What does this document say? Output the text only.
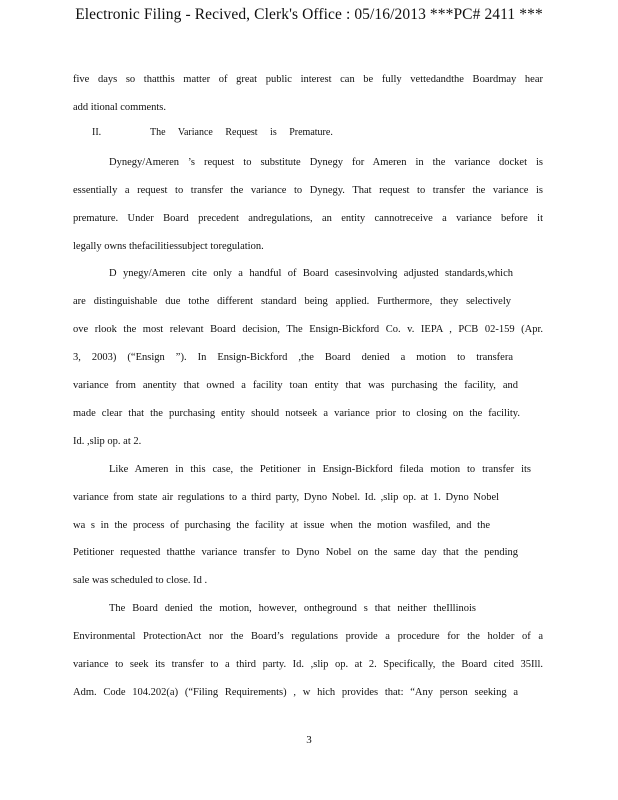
Electronic Filing - Recived, Clerk's Office : 05/16/2013 ***PC# 2411 ***
five days so thatthis matter of great public interest can be fully vettedandthe Boardmay hear
add itional comments.
II.	The Variance Request is Premature.
Dynegy/Ameren ’s request to substitute Dynegy for Ameren in the variance docket is
essentially a request to transfer the variance to Dynegy. That request to transfer the variance is
premature. Under Board precedent andregulations, an entity cannotreceive a variance before it
legally owns thefacilitiessubject toregulation.
D ynegy/Ameren cite only a handful of Board casesinvolving adjusted standards,which
are distinguishable due tothe different standard being applied. Furthermore, they selectively
ove rlook the most relevant Board decision, The Ensign-Bickford Co. v. IEPA , PCB 02-159 (Apr.
3, 2003) (“Ensign ”). In Ensign-Bickford ,the Board denied a motion to transfera
variance from anentity that owned a facility toan entity that was purchasing the facility, and
made clear that the purchasing entity should notseek a variance prior to closing on the facility.
Id. ,slip op. at 2.
Like Ameren in this case, the Petitioner in Ensign-Bickford fileda motion to transfer its
variance from state air regulations to a third party, Dyno Nobel. Id. ,slip op. at 1. Dyno Nobel
wa s in the process of purchasing the facility at issue when the motion wasfiled, and the
Petitioner requested thatthe variance transfer to Dyno Nobel on the same day that the pending
sale was scheduled to close. Id .
The Board denied the motion, however, ontheground s that neither theIllinois
Environmental ProtectionAct nor the Board’s regulations provide a procedure for the holder of a
variance to seek its transfer to a third party. Id. ,slip op. at 2. Specifically, the Board cited 35Ill.
Adm. Code 104.202(a) (“Filing Requirements) , w hich provides that: “Any person seeking a
3
